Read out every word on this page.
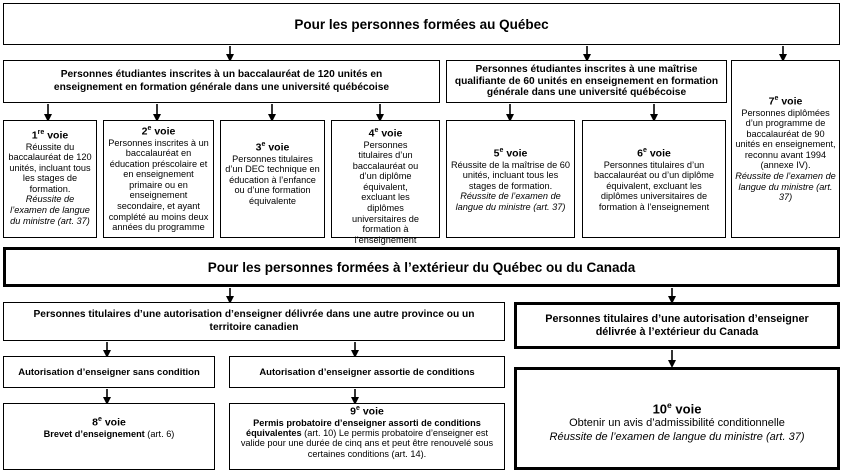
Pour les personnes formées au Québec
Personnes étudiantes inscrites à un baccalauréat de 120 unités en enseignement en formation générale dans une université québécoise
Personnes étudiantes inscrites à une maîtrise qualifiante de 60 unités en enseignement en formation générale dans une université québécoise
1re voie
Réussite du baccalauréat de 120 unités, incluant tous les stages de formation.
Réussite de l’examen de langue du ministre (art. 37)
2e voie
Personnes inscrites à un baccalauréat en éducation préscolaire et en enseignement primaire ou en enseignement secondaire, et ayant complété au moins deux années du programme
3e voie
Personnes titulaires d’un DEC technique en éducation à l’enfance ou d’une formation équivalente
4e voie
Personnes titulaires d’un baccalauréat ou d’un diplôme équivalent, excluant les diplômes universitaires de formation à l’enseignement
5e voie
Réussite de la maîtrise de 60 unités, incluant tous les stages de formation.
Réussite de l’examen de langue du ministre (art. 37)
6e voie
Personnes titulaires d’un baccalauréat ou d’un diplôme équivalent, excluant les diplômes universitaires de formation à l’enseignement
7e voie
Personnes diplômées d’un programme de baccalauréat de 90 unités en enseignement, reconnu avant 1994 (annexe IV).
Réussite de l’examen de langue du ministre (art. 37)
Pour les personnes formées à l’extérieur du Québec ou du Canada
Personnes titulaires d’une autorisation d’enseigner délivrée dans une autre province ou un territoire canadien
Personnes titulaires d’une autorisation d’enseigner délivrée à l’extérieur du Canada
Autorisation d’enseigner sans condition	Autorisation d’enseigner assortie de conditions
8e voie
Brevet d’enseignement (art. 6)
9e voie
Permis probatoire d’enseigner assorti de conditions équivalentes (art. 10) Le permis probatoire d’enseigner est valide pour une durée de cinq ans et peut être renouvelé sous certaines conditions (art. 14).
10e voie
Obtenir un avis d’admissibilité conditionnelle
Réussite de l’examen de langue du ministre (art. 37)
